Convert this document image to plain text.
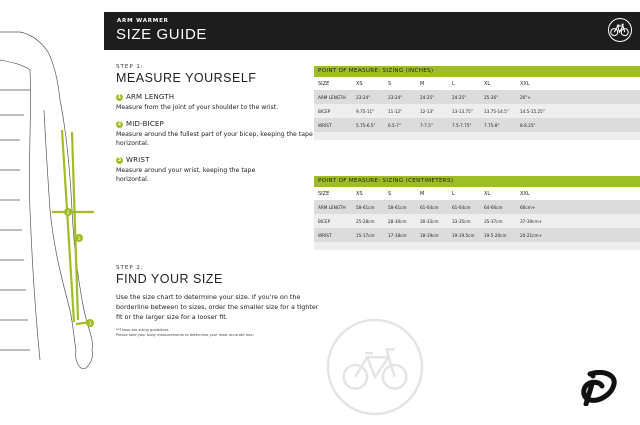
ARM WARMER
SIZE GUIDE
2
1
3
STEP 1:
MEASURE YOURSELF
1 ARM LENGTH
Measure from the joint of your shoulder to the wrist.
2 MID-BICEP
Measure around the fullest part of your bicep, keeping the tape horizontal.
3 WRIST
Measure around your wrist, keeping the tape horizontal.
STEP 2:
FIND YOUR SIZE
Use the size chart to determine your size. If you're on the borderline between to sizes, order the smaller size for a tighter fit or the larger size for a looser fit.
**These are sizing guidelines.
Please take your body measurements to determine your most accurate size.
POINT OF MEASURE: SIZING (INCHES)
SIZE	XS	S	M	L	XL	XXL
ARM LENGTH	23-24"	23-24"	24-25"	24-25"	25-26"	26"+
BICEP	9.75-11"	11-12"	12-13"	13-13.75"	13.75-14.5"	14.5-15.25"
WRIST	5.75-6.5"	6.5-7"	7-7.5"	7.5-7.75"	7.75-8"	8-8.25"
POINT OF MEASURE: SIZING (CENTIMETERS)
SIZE	XS	S	M	L	XL	XXL
ARM LENGTH	58-61cm	58-61cm	61-64cm	61-64cm	64-66cm	66cm+
BICEP	25-28cm	28-30cm	30-33cm	33-35cm	35-37cm	37-39cm+
WRIST	15-17cm	17-18cm	18-19cm	19-19.5cm	19.5-20cm	20-21cm+
